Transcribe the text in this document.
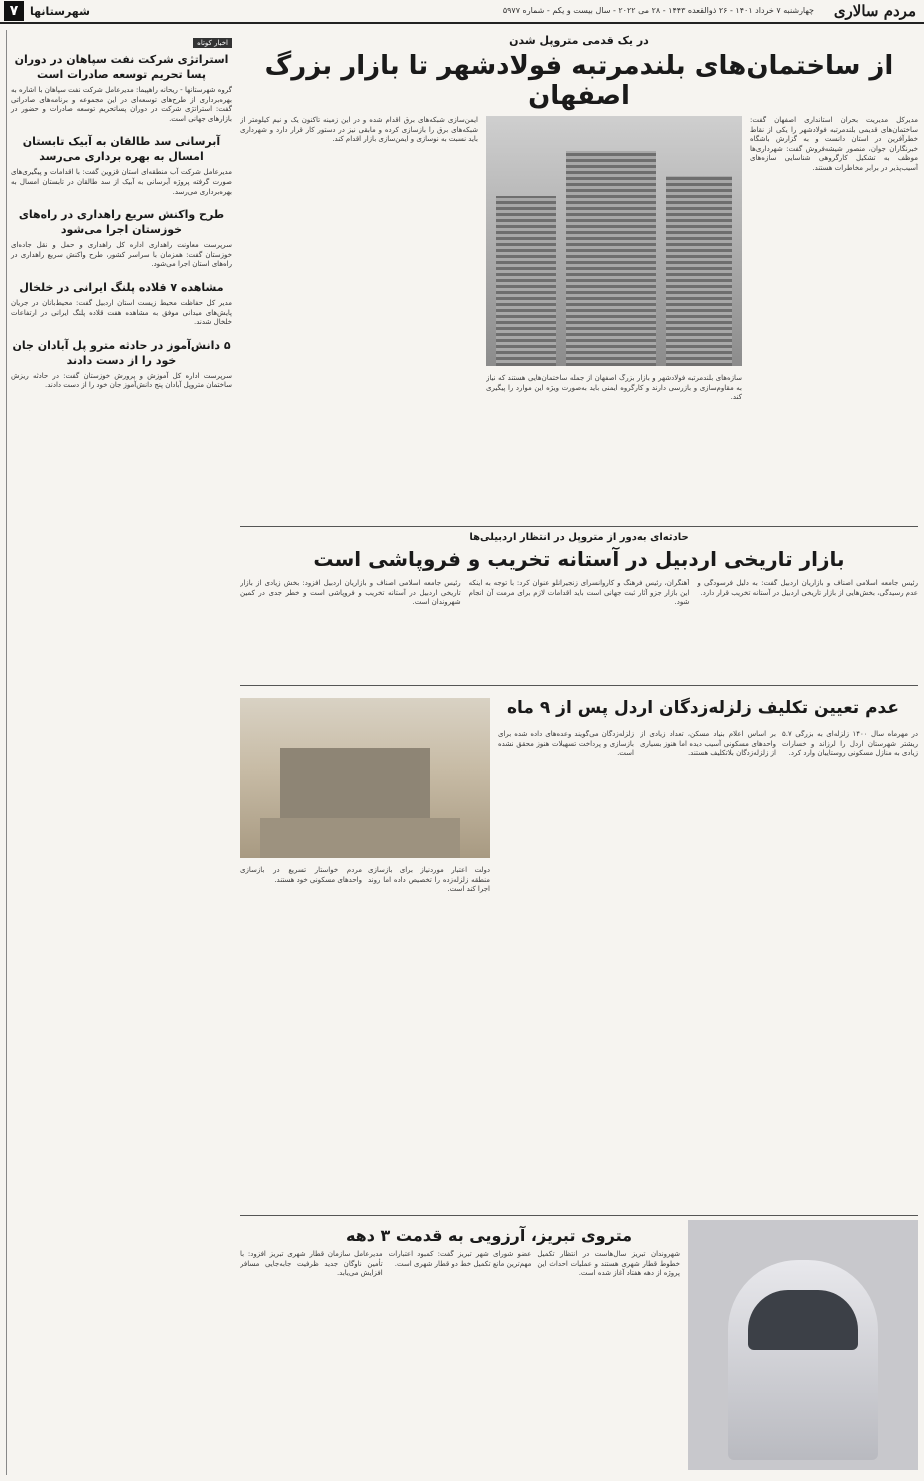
مردم سالاری
چهارشنبه ۷ خرداد ۱۴۰۱ - ۲۶ ذوالقعده ۱۴۴۳ - ۲۸ می ۲۰۲۲ - سال بیست و یکم - شماره ۵۹۷۷
شهرستانها
۷
اخبار کوتاه
استراتژی شرکت نفت سپاهان در دوران پسا تحریم توسعه صادرات است

گروه شهرستانها - ریحانه راهپیما: مدیرعامل شرکت نفت سپاهان با اشاره به بهره‌برداری از طرح‌های توسعه‌ای در این مجموعه و برنامه‌های صادراتی گفت: استراتژی شرکت در دوران پساتحریم توسعه صادرات و حضور در بازارهای جهانی است.

آبرسانی سد طالقان به آبیک تابستان امسال به بهره برداری می‌رسد

مدیرعامل شرکت آب منطقه‌ای استان قزوین گفت: با اقدامات و پیگیری‌های صورت گرفته پروژه آبرسانی به آبیک از سد طالقان در تابستان امسال به بهره‌برداری می‌رسد.

طرح واکنش سریع راهداری در راه‌های خوزستان اجرا می‌شود

سرپرست معاونت راهداری اداره کل راهداری و حمل و نقل جاده‌ای خوزستان گفت: همزمان با سراسر کشور، طرح واکنش سریع راهداری در راه‌های استان اجرا می‌شود.

مشاهده ۷ قلاده پلنگ ایرانی در خلخال

مدیر کل حفاظت محیط زیست استان اردبیل گفت: محیط‌بانان در جریان پایش‌های میدانی موفق به مشاهده هفت قلاده پلنگ ایرانی در ارتفاعات خلخال شدند.

۵ دانش‌آموز در حادثه مترو پل آبادان جان خود را از دست دادند

سرپرست اداره کل آموزش و پرورش خوزستان گفت: در حادثه ریزش ساختمان متروپل آبادان پنج دانش‌آموز جان خود را از دست دادند.

در یک قدمی متروپل شدن
از ساختمان‌های بلندمرتبه فولادشهر تا بازار بزرگ اصفهان
مدیرکل مدیریت بحران استانداری اصفهان گفت: ساختمان‌های قدیمی بلندمرتبه فولادشهر را یکی از نقاط خطرآفرین در استان دانست و به گزارش باشگاه خبرنگاران جوان، منصور شیشه‌فروش گفت: شهرداری‌ها موظف به تشکیل کارگروهی شناسایی سازه‌های آسیب‌پذیر در برابر مخاطرات هستند.
سازه‌های بلندمرتبه فولادشهر و بازار بزرگ اصفهان از جمله ساختمان‌هایی هستند که نیاز به مقاوم‌سازی و بازرسی دارند و کارگروه ایمنی باید به‌صورت ویژه این موارد را پیگیری کند.
ایمن‌سازی شبکه‌های برق اقدام شده و در این زمینه تاکنون یک و نیم کیلومتر از شبکه‌های برق را بازسازی کرده و مابقی نیز در دستور کار قرار دارد و شهرداری باید نسبت به نوسازی و ایمن‌سازی بازار اقدام کند.
حادثه‌ای به‌دور از متروپل در انتظار اردبیلی‌ها
بازار تاریخی اردبیل در آستانه تخریب و فروپاشی است

رئیس جامعه اسلامی اصناف و بازاریان اردبیل گفت: به دلیل فرسودگی و عدم رسیدگی، بخش‌هایی از بازار تاریخی اردبیل در آستانه تخریب قرار دارد.

آهنگران، رئیس فرهنگ و کاروانسرای زنجیرانلو عنوان کرد: با توجه به اینکه این بازار جزو آثار ثبت جهانی است باید اقدامات لازم برای مرمت آن انجام شود.

رئیس جامعه اسلامی اصناف و بازاریان اردبیل افزود: بخش زیادی از بازار تاریخی اردبیل در آستانه تخریب و فروپاشی است و خطر جدی در کمین شهروندان است.

عدم تعیین تکلیف زلزله‌زدگان اردل پس از ۹ ماه

در مهرماه سال ۱۴۰۰ زلزله‌ای به بزرگی ۵.۷ ریشتر شهرستان اردل را لرزاند و خسارات زیادی به منازل مسکونی روستاییان وارد کرد.

بر اساس اعلام بنیاد مسکن، تعداد زیادی از واحدهای مسکونی آسیب دیده اما هنوز بسیاری از زلزله‌زدگان بلاتکلیف هستند.

زلزله‌زدگان می‌گویند وعده‌های داده شده برای بازسازی و پرداخت تسهیلات هنوز محقق نشده است.

دولت اعتبار موردنیاز برای بازسازی منطقه زلزله‌زده را تخصیص داده اما روند اجرا کند است.

مردم خواستار تسریع در بازسازی واحدهای مسکونی خود هستند.

متروی تبریز، آرزویی به قدمت ۳ دهه

شهروندان تبریز سال‌هاست در انتظار تکمیل خطوط قطار شهری هستند و عملیات احداث این پروژه از دهه هفتاد آغاز شده است.

عضو شورای شهر تبریز گفت: کمبود اعتبارات مهم‌ترین مانع تکمیل خط دو قطار شهری است.

مدیرعامل سازمان قطار شهری تبریز افزود: با تأمین ناوگان جدید ظرفیت جابه‌جایی مسافر افزایش می‌یابد.
